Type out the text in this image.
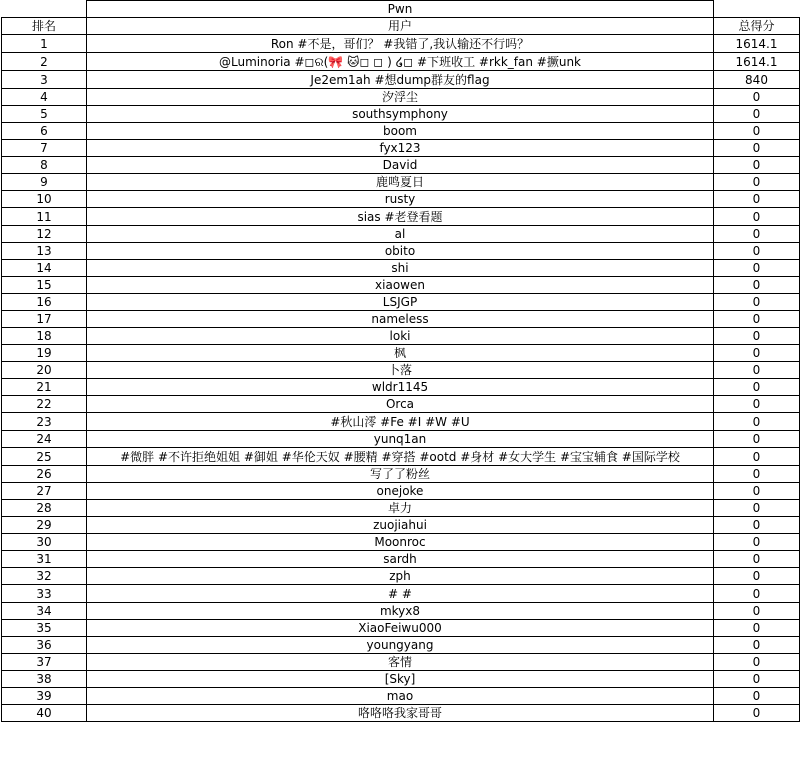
	Pwn	
排名	用户	总得分
1	Ron #不是，哥们？ #我错了,我认输还不行吗？	1614.1
2	@Luminoria #◻ର(🎀 🐱◻ ◻ ) ໒◻ #下班收工 #rkk_fan #撅unk	1614.1
3	Je2em1ah #想dump群友的flag	840
4	汐浮尘	0
5	southsymphony	0
6	boom	0
7	fyx123	0
8	David	0
9	鹿鸣夏日	0
10	rusty	0
11	sias #老登看题	0
12	al	0
13	obito	0
14	shi	0
15	xiaowen	0
16	LSJGP	0
17	nameless	0
18	loki	0
19	枫	0
20	卜落	0
21	wldr1145	0
22	Orca	0
23	#秋山澪 #Fe #I #W #U	0
24	yunq1an	0
25	#微胖 #不许拒绝姐姐 #御姐 #华伦天奴 #腰精 #穿搭 #ootd #身材 #女大学生 #宝宝辅食 #国际学校	0
26	写了了粉丝	0
27	onejoke	0
28	卓力	0
29	zuojiahui	0
30	Moonroc	0
31	sardh	0
32	zph	0
33	# #	0
34	mkyx8	0
35	XiaoFeiwu000	0
36	youngyang	0
37	客情	0
38	[Sky]	0
39	mao	0
40	咯咯咯我家哥哥	0
